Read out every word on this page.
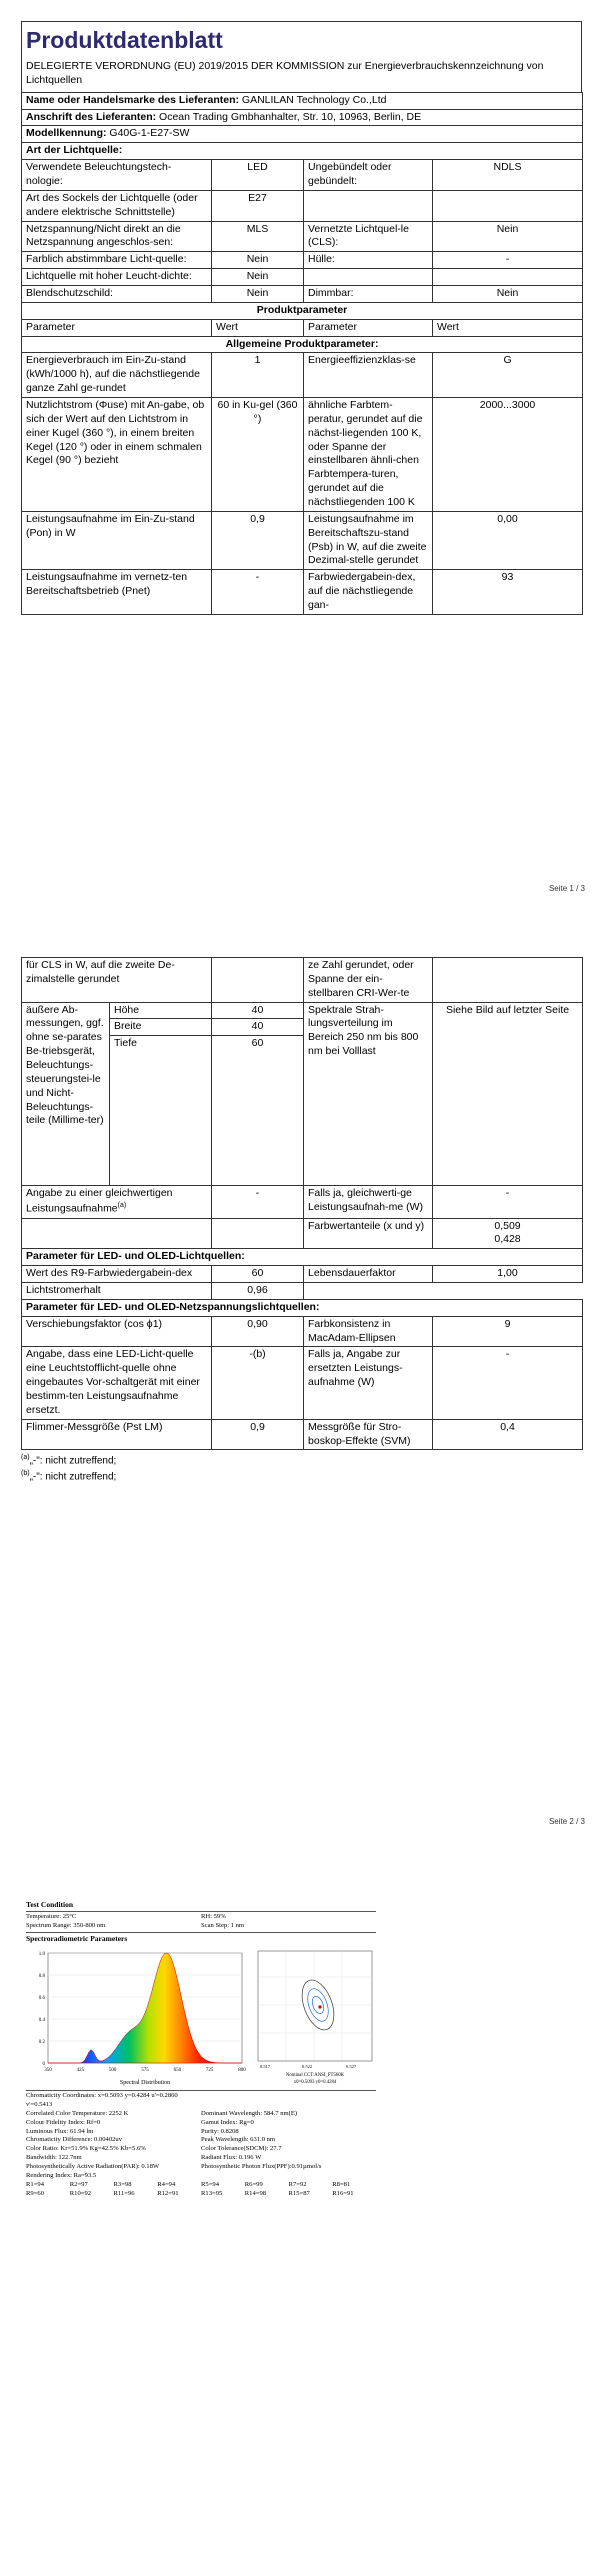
Produktdatenblatt
DELEGIERTE VERORDNUNG (EU) 2019/2015 DER KOMMISSION zur Energieverbrauchskennzeichnung von Lichtquellen
Name oder Handelsmarke des Lieferanten: GANLILAN Technology Co.,Ltd			
Anschrift des Lieferanten: Ocean Trading Gmbhanhalter, Str. 10, 10963, Berlin, DE			
Modellkennung: G40G-1-E27-SW			
Art der Lichtquelle:			
Verwendete Beleuchtungstech-nologie:	LED	Ungebündelt oder gebündelt:	NDLS
Art des Sockels der Lichtquelle (oder andere elektrische Schnittstelle)	E27		
Netzspannung/Nicht direkt an die Netzspannung angeschlos-sen:	MLS	Vernetzte Lichtquel-le (CLS):	Nein
Farblich abstimmbare Licht-quelle:	Nein	Hülle:	-
Lichtquelle mit hoher Leucht-dichte:	Nein		
Blendschutzschild:	Nein	Dimmbar:	Nein
Produktparameter			
Parameter	Wert	Parameter	Wert
Allgemeine Produktparameter:			
Energieverbrauch im Ein-Zu-stand (kWh/1000 h), auf die nächstliegende ganze Zahl ge-rundet	1	Energieeffizienzklas-se	G
Nutzlichtstrom (Φuse) mit An-gabe, ob sich der Wert auf den Lichtstrom in einer Kugel (360 °), in einem breiten Kegel (120 °) oder in einem schmalen Kegel (90 °) bezieht	60 in Ku-gel (360 °)	ähnliche Farbtem-peratur, gerundet auf die nächst-liegenden 100 K, oder Spanne der einstellbaren ähnli-chen Farbtempera-turen, gerundet auf die nächstliegenden 100 K	2000...3000
Leistungsaufnahme im Ein-Zu-stand (Pon) in W	0,9	Leistungsaufnahme im Bereitschaftszu-stand (Psb) in W, auf die zweite Dezimal-stelle gerundet	0,00
Leistungsaufnahme im vernetz-ten Bereitschaftsbetrieb (Pnet)	-	Farbwiedergabein-dex, auf die nächstliegende gan-	93
Seite 1 / 3
für CLS in W, auf die zweite De-zimalstelle gerundet			ze Zahl gerundet, oder Spanne der ein-stellbaren CRI-Wer-te	
äußere Ab-messungen, ggf. ohne se-parates Be-triebsgerät, Beleuchtungs-steuerungstei-le und Nicht-Beleuchtungs-teile (Millime-ter)	Höhe	40	Spektrale Strah-lungsverteilung im Bereich 250 nm bis 800 nm bei Volllast	Siehe Bild auf letzter Seite
	Breite	40		
	Tiefe	60		
Angabe zu einer gleichwertigen Leistungsaufnahme$^{(a)}$		-	Falls ja, gleichwerti-ge Leistungsaufnah-me (W)	-
			Farbwertanteile (x und y)	0,509
0,428

Parameter für LED- und OLED-Lichtquellen:				
Wert des R9-Farbwiedergabein-dex		60	Lebensdauerfaktor	1,00
Lichtstromerhalt		0,96		
Parameter für LED- und OLED-Netzspannungslichtquellen:				
Verschiebungsfaktor (cos ϕ1)		0,90	Farbkonsistenz in MacAdam-Ellipsen	9
Angabe, dass eine LED-Licht-quelle eine Leuchtstofflicht-quelle ohne eingebautes Vor-schaltgerät mit einer bestimm-ten Leistungsaufnahme ersetzt.		-(b)	Falls ja, Angabe zur ersetzten Leistungs-aufnahme (W)	-
Flimmer-Messgröße (Pst LM)		0,9	Messgröße für Stro-boskop-Effekte (SVM)	0,4
$^{(a)}$„-": nicht zutreffend;
$^{(b)}$„-": nicht zutreffend;
Seite 2 / 3
Test Condition
Temperature: 25°C	RH: 59%
Spectrum Range: 350-800 nm	Scan Step: 1 nm
Spectroradiometric Parameters
1.0
0.8
0.6
0.4
0.2
0
350	425	500	575	650	725	800
Spectral Distribution
0.517	0.522	0.527
Nominal CCT:ANSI_FT560K
x0=0.5093 y0=0.4284
Chromaticity Coordinates: x=0.5093 y=0.4284 u'=0.2860 v'=0.5413
Correlated Color Temperature: 2252 K	Dominant Wavelength: 584.7 nm(E)
Colour Fidelity Index: Rf=0	Gamut Index: Rg=0
Luminous Flux: 61.94 lm	Purity: 0.8208
Chromaticity Difference: 0.00402uv	Peak Wavelength: 631.0 nm
Color Ratio: Kr=51.9% Kg=42.5% Kb=5.6%	Color Tolerance(SDCM): 27.7
Bandwidth: 122.7nm	Radiant Flux: 0.196 W
Photosynthetically Active Radiation(PAR): 0.18W	Photosynthetic Photon Flux(PPF):0.91µmol/s
Rendering Index: Ra=93.5
R1=94	R2=97	R3=98	R4=94	R5=94	R6=99	R7=92	R8=81
R9=60	R10=92	R11=96	R12=91	R13=95	R14=98	R15=87	R16=91
